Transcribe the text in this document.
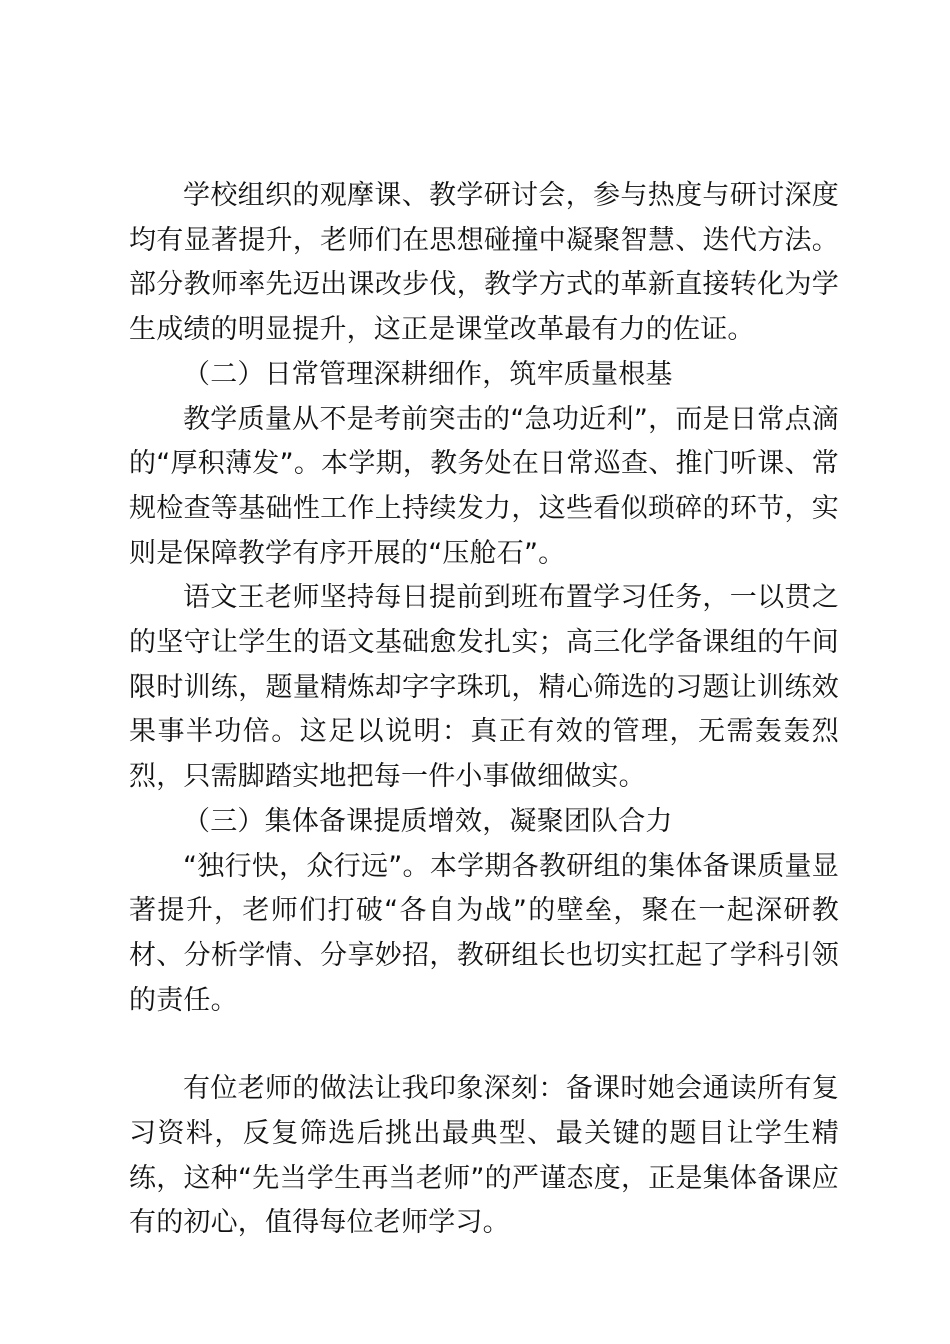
学校组织的观摩课、教学研讨会，参与热度与研讨深度均有显著提升，老师们在思想碰撞中凝聚智慧、迭代方法。部分教师率先迈出课改步伐，教学方式的革新直接转化为学生成绩的明显提升，这正是课堂改革最有力的佐证。

（二）日常管理深耕细作，筑牢质量根基

教学质量从不是考前突击的“急功近利”，而是日常点滴的“厚积薄发”。本学期，教务处在日常巡查、推门听课、常规检查等基础性工作上持续发力，这些看似琐碎的环节，实则是保障教学有序开展的“压舱石”。

语文王老师坚持每日提前到班布置学习任务，一以贯之的坚守让学生的语文基础愈发扎实；高三化学备课组的午间限时训练，题量精炼却字字珠玑，精心筛选的习题让训练效果事半功倍。这足以说明：真正有效的管理，无需轰轰烈烈，只需脚踏实地把每一件小事做细做实。

（三）集体备课提质增效，凝聚团队合力

“独行快，众行远”。本学期各教研组的集体备课质量显著提升，老师们打破“各自为战”的壁垒，聚在一起深研教材、分析学情、分享妙招，教研组长也切实扛起了学科引领的责任。

有位老师的做法让我印象深刻：备课时她会通读所有复习资料，反复筛选后挑出最典型、最关键的题目让学生精练，这种“先当学生再当老师”的严谨态度，正是集体备课应有的初心，值得每位老师学习。
